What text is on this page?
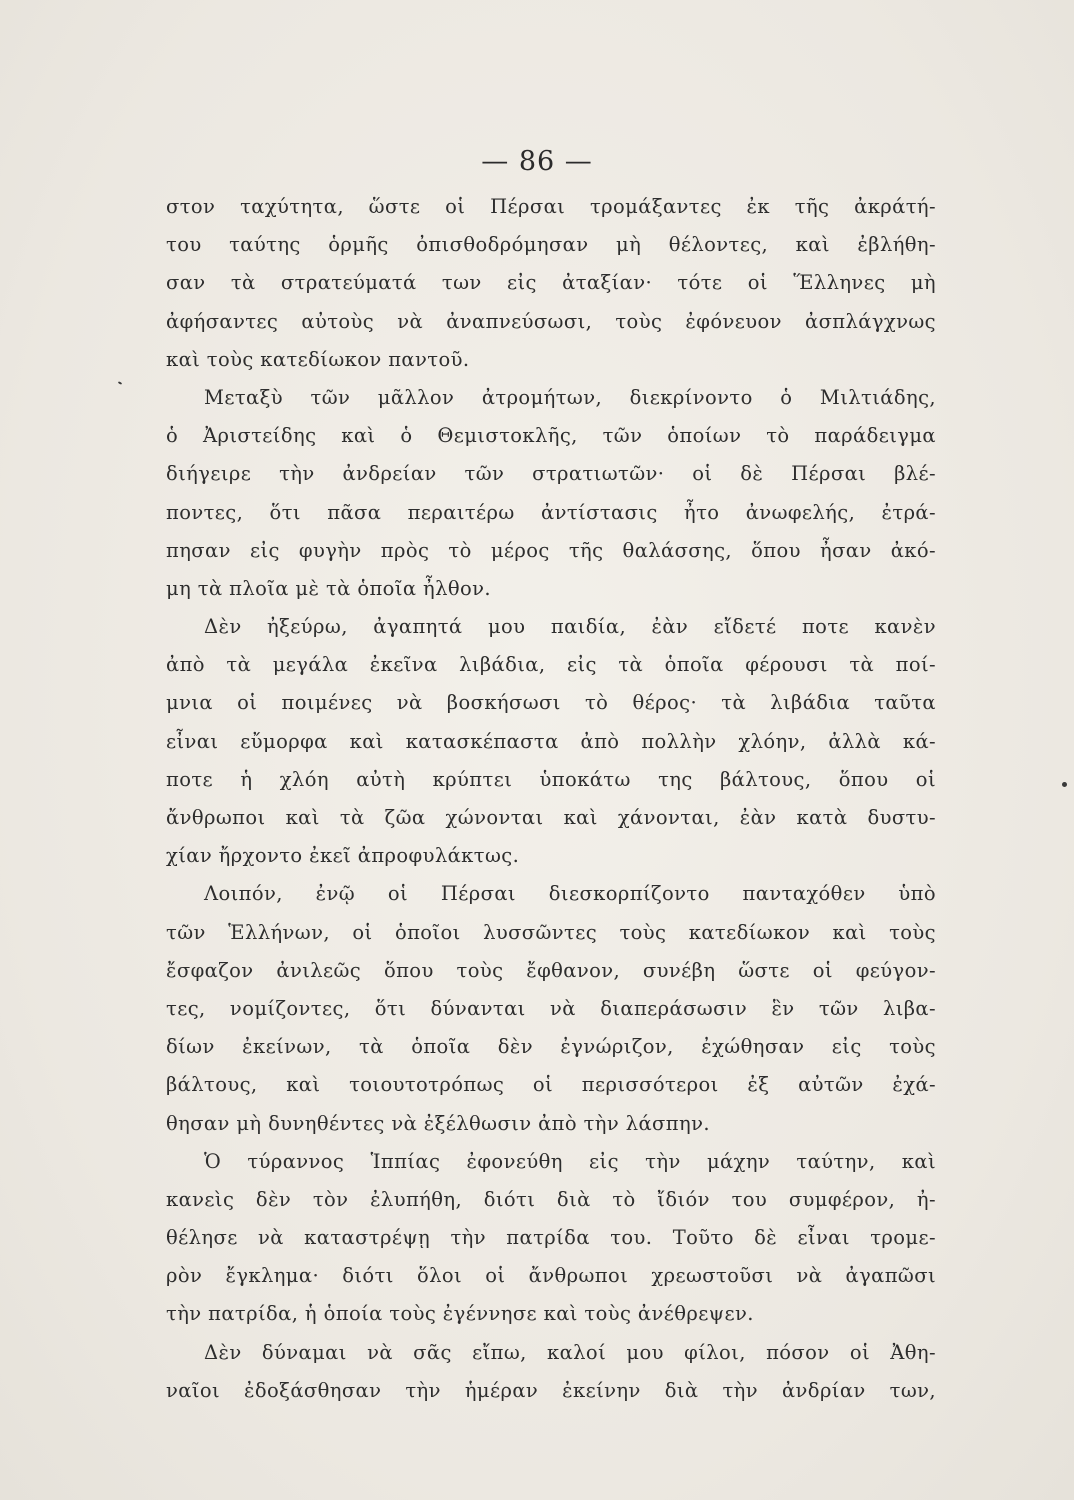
— 86 —
στον ταχύτητα, ὥστε οἱ Πέρσαι τρομάξαντες ἐκ τῆς ἀκράτή-
του ταύτης ὁρμῆς ὀπισθοδρόμησαν μὴ θέλοντες, καὶ ἐβλήθη-
σαν τὰ στρατεύματά των εἰς ἀταξίαν· τότε οἱ Ἕλληνες μὴ
ἀφήσαντες αὐτοὺς νὰ ἀναπνεύσωσι, τοὺς ἐφόνευον ἀσπλάγχνως
καὶ τοὺς κατεδίωκον παντοῦ.
Μεταξὺ τῶν μᾶλλον ἀτρομήτων, διεκρίνοντο ὁ Μιλτιάδης,
ὁ Ἀριστείδης καὶ ὁ Θεμιστοκλῆς, τῶν ὁποίων τὸ παράδειγμα
διήγειρε τὴν ἀνδρείαν τῶν στρατιωτῶν· οἱ δὲ Πέρσαι βλέ-
ποντες, ὅτι πᾶσα περαιτέρω ἀντίστασις ἦτο ἀνωφελής, ἐτρά-
πησαν εἰς φυγὴν πρὸς τὸ μέρος τῆς θαλάσσης, ὅπου ἦσαν ἀκό-
μη τὰ πλοῖα μὲ τὰ ὁποῖα ἦλθον.
Δὲν ἠξεύρω, ἀγαπητά μου παιδία, ἐὰν εἴδετέ ποτε κανὲν
ἀπὸ τὰ μεγάλα ἐκεῖνα λιβάδια, εἰς τὰ ὁποῖα φέρουσι τὰ ποί-
μνια οἱ ποιμένες νὰ βοσκήσωσι τὸ θέρος· τὰ λιβάδια ταῦτα
εἶναι εὔμορφα καὶ κατασκέπαστα ἀπὸ πολλὴν χλόην, ἀλλὰ κά-
ποτε ἡ χλόη αὐτὴ κρύπτει ὑποκάτω της βάλτους, ὅπου οἱ
ἄνθρωποι καὶ τὰ ζῶα χώνονται καὶ χάνονται, ἐὰν κατὰ δυστυ-
χίαν ἤρχοντο ἐκεῖ ἀπροφυλάκτως.
Λοιπόν, ἐνῷ οἱ Πέρσαι διεσκορπίζοντο πανταχόθεν ὑπὸ
τῶν Ἑλλήνων, οἱ ὁποῖοι λυσσῶντες τοὺς κατεδίωκον καὶ τοὺς
ἔσφαζον ἀνιλεῶς ὅπου τοὺς ἔφθανον, συνέβη ὥστε οἱ φεύγον-
τες, νομίζοντες, ὅτι δύνανται νὰ διαπεράσωσιν ἓν τῶν λιβα-
δίων ἐκείνων, τὰ ὁποῖα δὲν ἐγνώριζον, ἐχώθησαν εἰς τοὺς
βάλτους, καὶ τοιουτοτρόπως οἱ περισσότεροι ἐξ αὐτῶν ἐχά-
θησαν μὴ δυνηθέντες νὰ ἐξέλθωσιν ἀπὸ τὴν λάσπην.
Ὁ τύραννος Ἱππίας ἐφονεύθη εἰς τὴν μάχην ταύτην, καὶ
κανεὶς δὲν τὸν ἐλυπήθη, διότι διὰ τὸ ἴδιόν του συμφέρον, ἠ-
θέλησε νὰ καταστρέψῃ τὴν πατρίδα του. Τοῦτο δὲ εἶναι τρομε-
ρὸν ἔγκλημα· διότι ὅλοι οἱ ἄνθρωποι χρεωστοῦσι νὰ ἀγαπῶσι
τὴν πατρίδα, ἡ ὁποία τοὺς ἐγέννησε καὶ τοὺς ἀνέθρεψεν.
Δὲν δύναμαι νὰ σᾶς εἴπω, καλοί μου φίλοι, πόσον οἱ Ἀθη-
ναῖοι ἐδοξάσθησαν τὴν ἡμέραν ἐκείνην διὰ τὴν ἀνδρίαν των,
